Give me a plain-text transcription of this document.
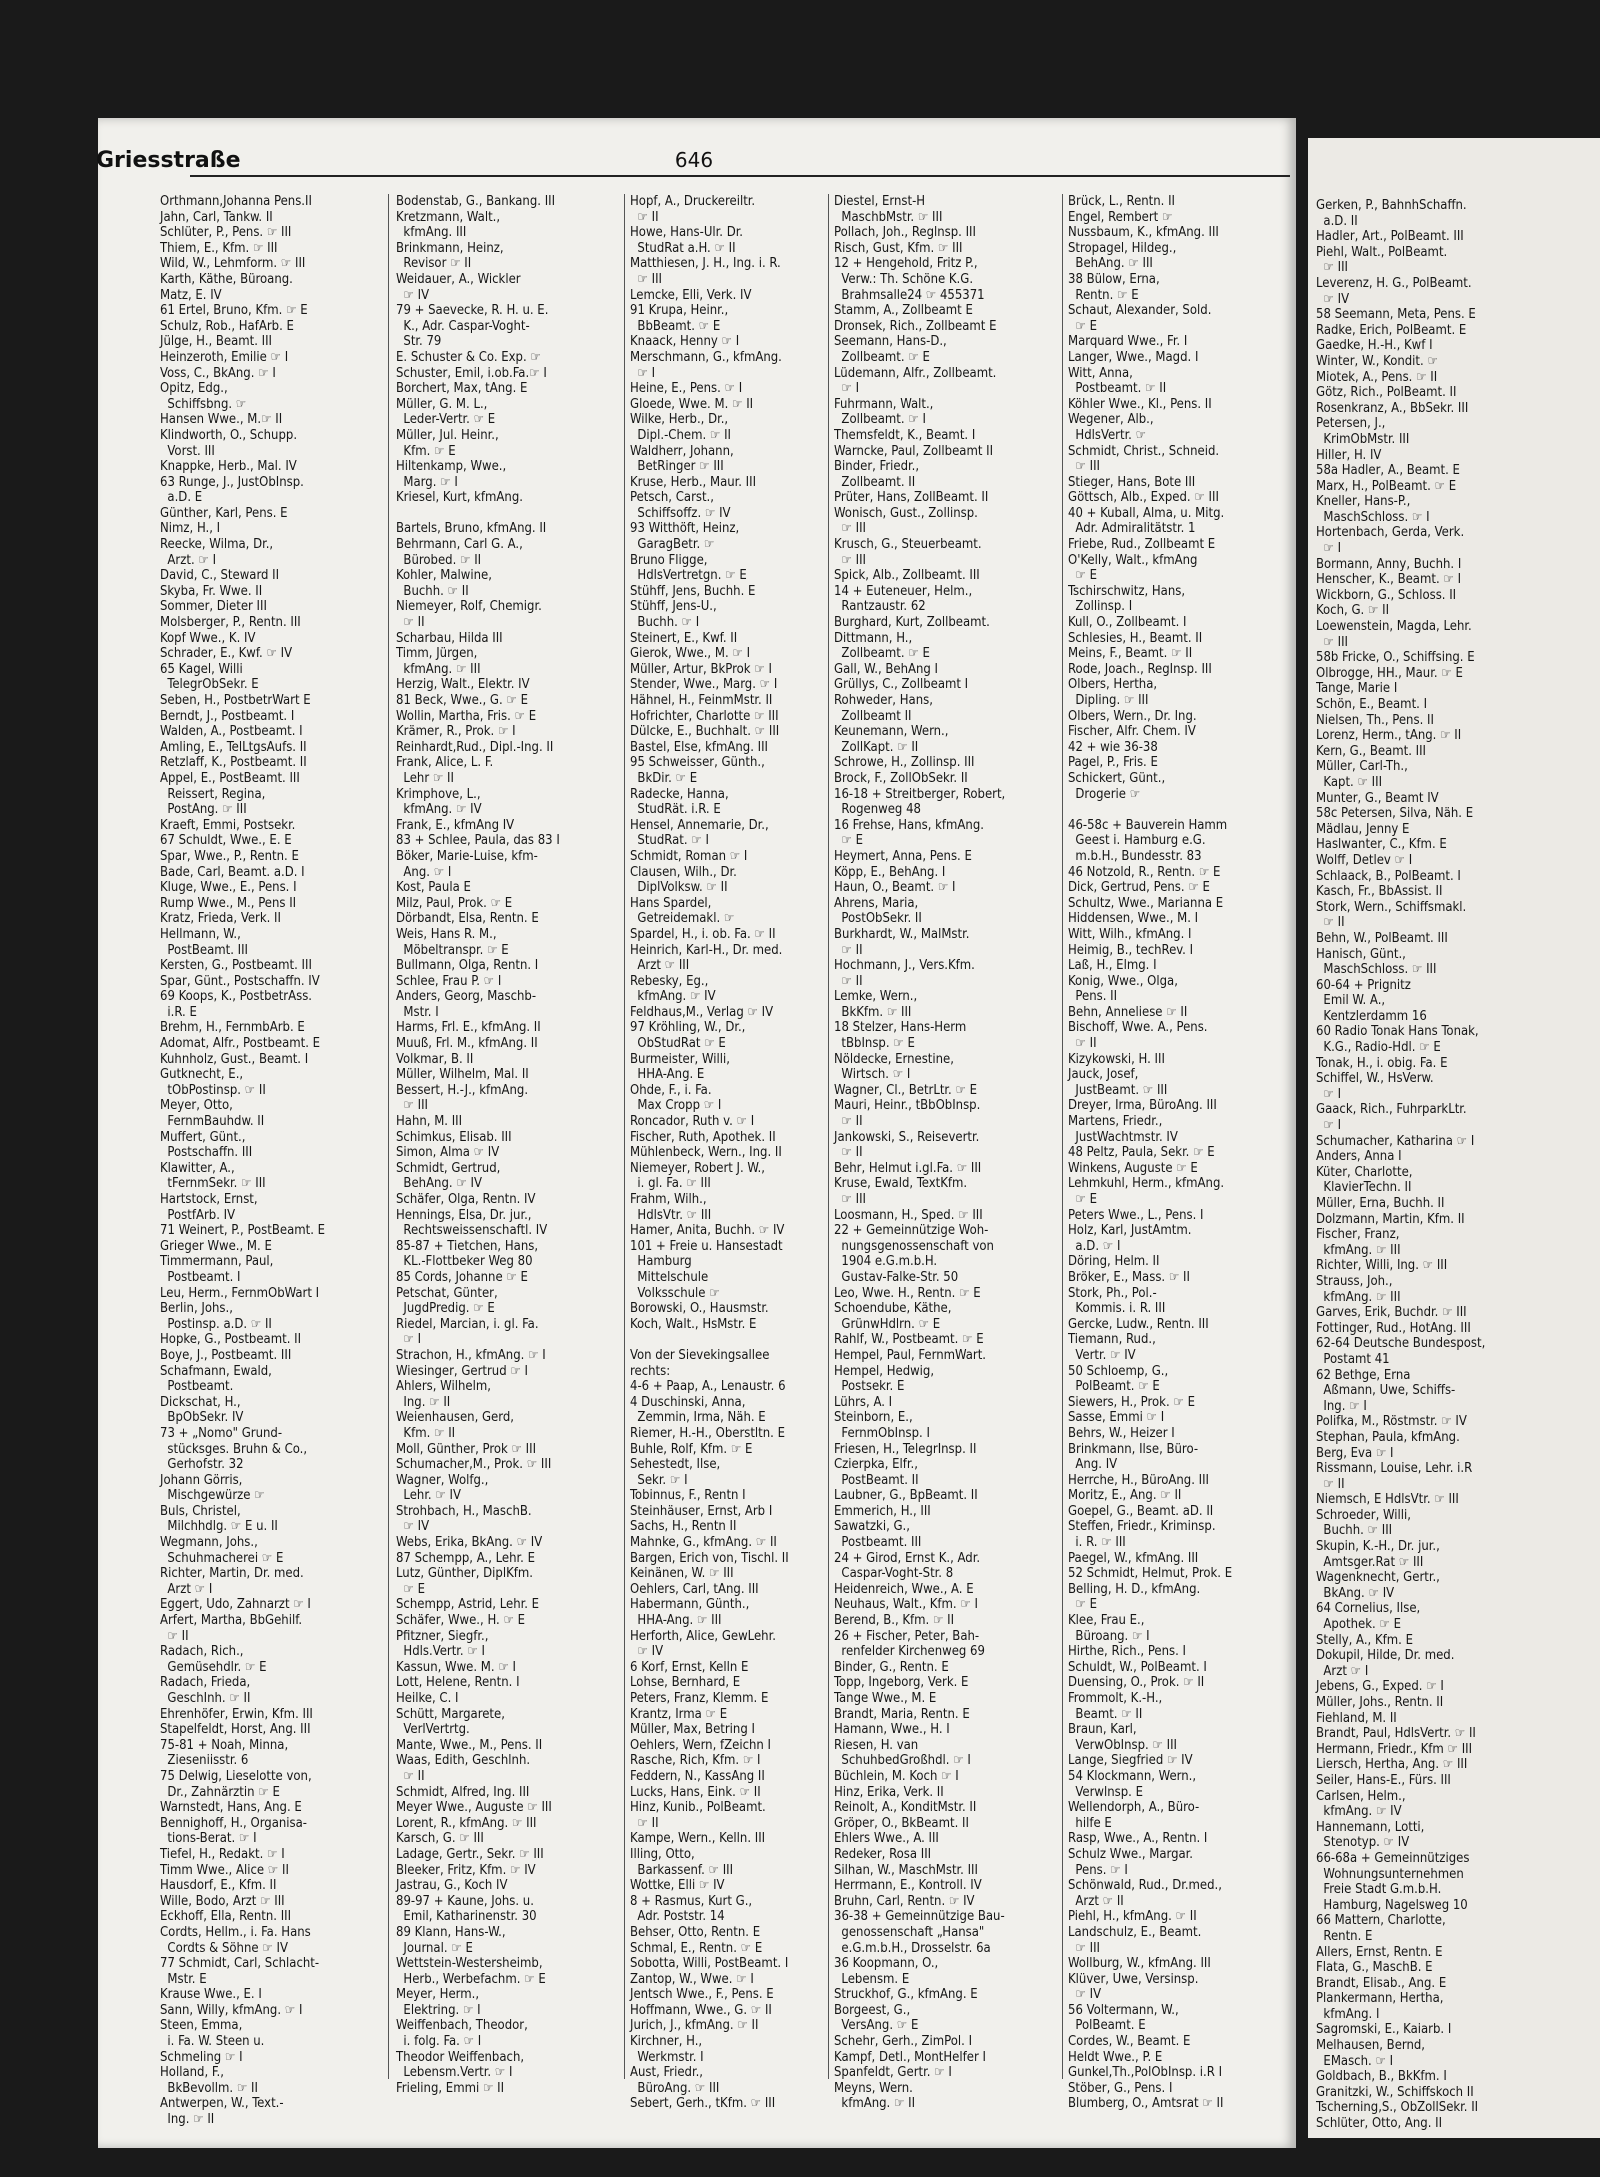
Gerken, P., BahnhSchaffn.
a.D. II
Hadler, Art., PolBeamt. III
Piehl, Walt., PolBeamt.
☞ III
Leverenz, H. G., PolBeamt.
☞ IV
58 Seemann, Meta, Pens. E
Radke, Erich, PolBeamt. E
Gaedke, H.-H., Kwf I
Winter, W., Kondit. ☞
Miotek, A., Pens. ☞ II
Götz, Rich., PolBeamt. II
Rosenkranz, A., BbSekr. III
Petersen, J.,
KrimObMstr. III
Hiller, H. IV
58a Hadler, A., Beamt. E
Marx, H., PolBeamt. ☞ E
Kneller, Hans-P.,
MaschSchloss. ☞ I
Hortenbach, Gerda, Verk.
☞ I
Bormann, Anny, Buchh. I
Henscher, K., Beamt. ☞ I
Wickborn, G., Schloss. II
Koch, G. ☞ II
Loewenstein, Magda, Lehr.
☞ III
58b Fricke, O., Schiffsing. E
Olbrogge, HH., Maur. ☞ E
Tange, Marie I
Schön, E., Beamt. I
Nielsen, Th., Pens. II
Lorenz, Herm., tAng. ☞ II
Kern, G., Beamt. III
Müller, Carl-Th.,
Kapt. ☞ III
Munter, G., Beamt IV
58c Petersen, Silva, Näh. E
Mädlau, Jenny E
Haslwanter, C., Kfm. E
Wolff, Detlev ☞ I
Schlaack, B., PolBeamt. I
Kasch, Fr., BbAssist. II
Stork, Wern., Schiffsmakl.
☞ II
Behn, W., PolBeamt. III
Hanisch, Günt.,
MaschSchloss. ☞ III
60-64 + Prignitz
Emil W. A.,
Kentzlerdamm 16
60 Radio Tonak Hans Tonak,
K.G., Radio-Hdl. ☞ E
Tonak, H., i. obig. Fa. E
Schiffel, W., HsVerw.
☞ I
Gaack, Rich., FuhrparkLtr.
☞ I
Schumacher, Katharina ☞ I
Anders, Anna I
Küter, Charlotte,
KlavierTechn. II
Müller, Erna, Buchh. II
Dolzmann, Martin, Kfm. II
Fischer, Franz,
kfmAng. ☞ III
Richter, Willi, Ing. ☞ III
Strauss, Joh.,
kfmAng. ☞ III
Garves, Erik, Buchdr. ☞ III
Fottinger, Rud., HotAng. III
62-64 Deutsche Bundespost,
Postamt 41
62 Bethge, Erna
Aßmann, Uwe, Schiffs-
Ing. ☞ I
Polifka, M., Röstmstr. ☞ IV
Stephan, Paula, kfmAng.
Berg, Eva ☞ I
Rissmann, Louise, Lehr. i.R
☞ II
Niemsch, E HdlsVtr. ☞ III
Schroeder, Willi,
Buchh. ☞ III
Skupin, K.-H., Dr. jur.,
Amtsger.Rat ☞ III
Wagenknecht, Gertr.,
BkAng. ☞ IV
64 Cornelius, Ilse,
Apothek. ☞ E
Stelly, A., Kfm. E
Dokupil, Hilde, Dr. med.
Arzt ☞ I
Jebens, G., Exped. ☞ I
Müller, Johs., Rentn. II
Fiehland, M. II
Brandt, Paul, HdlsVertr. ☞ II
Hermann, Friedr., Kfm ☞ III
Liersch, Hertha, Ang. ☞ III
Seiler, Hans-E., Fürs. III
Carlsen, Helm.,
kfmAng. ☞ IV
Hannemann, Lotti,
Stenotyp. ☞ IV
66-68a + Gemeinnütziges
Wohnungsunternehmen
Freie Stadt G.m.b.H.
Hamburg, Nagelsweg 10
66 Mattern, Charlotte,
Rentn. E
Allers, Ernst, Rentn. E
Flata, G., MaschB. E
Brandt, Elisab., Ang. E
Plankermann, Hertha,
kfmAng. I
Sagromski, E., Kaiarb. I
Melhausen, Bernd,
EMasch. ☞ I
Goldbach, B., BkKfm. I
Granitzki, W., Schiffskoch II
Tscherning,S., ObZollSekr. II
Schlüter, Otto, Ang. II
Griesstraße	646
Orthmann,Johanna Pens.II
Jahn, Carl, Tankw. II
Schlüter, P., Pens. ☞ III
Thiem, E., Kfm. ☞ III
Wild, W., Lehmform. ☞ III
Karth, Käthe, Büroang.
Matz, E. IV
61 Ertel, Bruno, Kfm. ☞ E
Schulz, Rob., HafArb. E
Jülge, H., Beamt. III
Heinzeroth, Emilie ☞ I
Voss, C., BkAng. ☞ I
Opitz, Edg.,
Schiffsbng. ☞
Hansen Wwe., M.☞ II
Klindworth, O., Schupp.
Vorst. III
Knappke, Herb., Mal. IV
63 Runge, J., JustObInsp.
a.D. E
Günther, Karl, Pens. E
Nimz, H., I
Reecke, Wilma, Dr.,
Arzt. ☞ I
David, C., Steward II
Skyba, Fr. Wwe. II
Sommer, Dieter III
Molsberger, P., Rentn. III
Kopf Wwe., K. IV
Schrader, E., Kwf. ☞ IV
65 Kagel, Willi
TelegrObSekr. E
Seben, H., PostbetrWart E
Berndt, J., Postbeamt. I
Walden, A., Postbeamt. I
Amling, E., TelLtgsAufs. II
Retzlaff, K., Postbeamt. II
Appel, E., PostBeamt. III
Reissert, Regina,
PostAng. ☞ III
Kraeft, Emmi, Postsekr.
67 Schuldt, Wwe., E. E
Spar, Wwe., P., Rentn. E
Bade, Carl, Beamt. a.D. I
Kluge, Wwe., E., Pens. I
Rump Wwe., M., Pens II
Kratz, Frieda, Verk. II
Hellmann, W.,
PostBeamt. III
Kersten, G., Postbeamt. III
Spar, Günt., Postschaffn. IV
69 Koops, K., PostbetrAss.
i.R. E
Brehm, H., FernmbArb. E
Adomat, Alfr., Postbeamt. E
Kuhnholz, Gust., Beamt. I
Gutknecht, E.,
tObPostinsp. ☞ II
Meyer, Otto,
FernmBauhdw. II
Muffert, Günt.,
Postschaffn. III
Klawitter, A.,
tFernmSekr. ☞ III
Hartstock, Ernst,
PostfArb. IV
71 Weinert, P., PostBeamt. E
Grieger Wwe., M. E
Timmermann, Paul,
Postbeamt. I
Leu, Herm., FernmObWart I
Berlin, Johs.,
Postinsp. a.D. ☞ II
Hopke, G., Postbeamt. II
Boye, J., Postbeamt. III
Schafmann, Ewald,
Postbeamt.
Dickschat, H.,
BpObSekr. IV
73 + „Nomo" Grund-
stücksges. Bruhn & Co.,
Gerhofstr. 32
Johann Görris,
Mischgewürze ☞
Buls, Christel,
Milchhdlg. ☞ E u. II
Wegmann, Johs.,
Schuhmacherei ☞ E
Richter, Martin, Dr. med.
Arzt ☞ I
Eggert, Udo, Zahnarzt ☞ I
Arfert, Martha, BbGehilf.
☞ II
Radach, Rich.,
Gemüsehdlr. ☞ E
Radach, Frieda,
GeschInh. ☞ II
Ehrenhöfer, Erwin, Kfm. III
Stapelfeldt, Horst, Ang. III
75-81 + Noah, Minna,
Zieseniisstr. 6
75 Delwig, Lieselotte von,
Dr., Zahnärztin ☞ E
Warnstedt, Hans, Ang. E
Bennighoff, H., Organisa-
tions-Berat. ☞ I
Tiefel, H., Redakt. ☞ I
Timm Wwe., Alice ☞ II
Hausdorf, E., Kfm. II
Wille, Bodo, Arzt ☞ III
Eckhoff, Ella, Rentn. III
Cordts, Hellm., i. Fa. Hans
Cordts & Söhne ☞ IV
77 Schmidt, Carl, Schlacht-
Mstr. E
Krause Wwe., E. I
Sann, Willy, kfmAng. ☞ I
Steen, Emma,
i. Fa. W. Steen u.
Schmeling ☞ I
Holland, F.,
BkBevollm. ☞ II
Antwerpen, W., Text.-
Ing. ☞ II
Bodenstab, G., Bankang. III
Kretzmann, Walt.,
kfmAng. III
Brinkmann, Heinz,
Revisor ☞ II
Weidauer, A., Wickler
☞ IV
79 + Saevecke, R. H. u. E.
K., Adr. Caspar-Voght-
Str. 79
E. Schuster & Co. Exp. ☞
Schuster, Emil, i.ob.Fa.☞ I
Borchert, Max, tAng. E
Müller, G. M. L.,
Leder-Vertr. ☞ E
Müller, Jul. Heinr.,
Kfm. ☞ E
Hiltenkamp, Wwe.,
Marg. ☞ I
Kriesel, Kurt, kfmAng.

Bartels, Bruno, kfmAng. II
Behrmann, Carl G. A.,
Bürobed. ☞ II
Kohler, Malwine,
Buchh. ☞ II
Niemeyer, Rolf, Chemigr.
☞ II
Scharbau, Hilda III
Timm, Jürgen,
kfmAng. ☞ III
Herzig, Walt., Elektr. IV
81 Beck, Wwe., G. ☞ E
Wollin, Martha, Fris. ☞ E
Krämer, R., Prok. ☞ I
Reinhardt,Rud., Dipl.-Ing. II
Frank, Alice, L. F.
Lehr ☞ II
Krimphove, L.,
kfmAng. ☞ IV
Frank, E., kfmAng IV
83 + Schlee, Paula, das 83 I
Böker, Marie-Luise, kfm-
Ang. ☞ I
Kost, Paula E
Milz, Paul, Prok. ☞ E
Dörbandt, Elsa, Rentn. E
Weis, Hans R. M.,
Möbeltranspr. ☞ E
Bullmann, Olga, Rentn. I
Schlee, Frau P. ☞ I
Anders, Georg, Maschb-
Mstr. I
Harms, Frl. E., kfmAng. II
Muuß, Frl. M., kfmAng. II
Volkmar, B. II
Müller, Wilhelm, Mal. II
Bessert, H.-J., kfmAng.
☞ III
Hahn, M. III
Schimkus, Elisab. III
Simon, Alma ☞ IV
Schmidt, Gertrud,
BehAng. ☞ IV
Schäfer, Olga, Rentn. IV
Hennings, Elsa, Dr. jur.,
Rechtsweissenschaftl. IV
85-87 + Tietchen, Hans,
KL.-Flottbeker Weg 80
85 Cords, Johanne ☞ E
Petschat, Günter,
JugdPredig. ☞ E
Riedel, Marcian, i. gl. Fa.
☞ I
Strachon, H., kfmAng. ☞ I
Wiesinger, Gertrud ☞ I
Ahlers, Wilhelm,
Ing. ☞ II
Weienhausen, Gerd,
Kfm. ☞ II
Moll, Günther, Prok ☞ III
Schumacher,M., Prok. ☞ III
Wagner, Wolfg.,
Lehr. ☞ IV
Strohbach, H., MaschB.
☞ IV
Webs, Erika, BkAng. ☞ IV
87 Schempp, A., Lehr. E
Lutz, Günther, DiplKfm.
☞ E
Schempp, Astrid, Lehr. E
Schäfer, Wwe., H. ☞ E
Pfitzner, Siegfr.,
Hdls.Vertr. ☞ I
Kassun, Wwe. M. ☞ I
Lott, Helene, Rentn. I
Heilke, C. I
Schütt, Margarete,
VerlVertrtg.
Mante, Wwe., M., Pens. II
Waas, Edith, Geschlnh.
☞ II
Schmidt, Alfred, Ing. III
Meyer Wwe., Auguste ☞ III
Lorent, R., kfmAng. ☞ III
Karsch, G. ☞ III
Ladage, Gertr., Sekr. ☞ III
Bleeker, Fritz, Kfm. ☞ IV
Jastrau, G., Koch IV
89-97 + Kaune, Johs. u.
Emil, Katharinenstr. 30
89 Klann, Hans-W.,
Journal. ☞ E
Wettstein-Westersheimb,
Herb., Werbefachm. ☞ E
Meyer, Herm.,
Elektring. ☞ I
Weiffenbach, Theodor,
i. folg. Fa. ☞ I
Theodor Weiffenbach,
Lebensm.Vertr. ☞ I
Frieling, Emmi ☞ II
Hopf, A., Druckereiltr.
☞ II
Howe, Hans-Ulr. Dr.
StudRat a.H. ☞ II
Matthiesen, J. H., Ing. i. R.
☞ III
Lemcke, Elli, Verk. IV
91 Krupa, Heinr.,
BbBeamt. ☞ E
Knaack, Henny ☞ I
Merschmann, G., kfmAng.
☞ I
Heine, E., Pens. ☞ I
Gloede, Wwe. M. ☞ II
Wilke, Herb., Dr.,
Dipl.-Chem. ☞ II
Waldherr, Johann,
BetRinger ☞ III
Kruse, Herb., Maur. III
Petsch, Carst.,
Schiffsoffz. ☞ IV
93 Witthöft, Heinz,
GaragBetr. ☞
Bruno Fligge,
HdlsVertretgn. ☞ E
Stühff, Jens, Buchh. E
Stühff, Jens-U.,
Buchh. ☞ I
Steinert, E., Kwf. II
Gierok, Wwe., M. ☞ I
Müller, Artur, BkProk ☞ I
Stender, Wwe., Marg. ☞ I
Hähnel, H., FeinmMstr. II
Hofrichter, Charlotte ☞ III
Dülcke, E., Buchhalt. ☞ III
Bastel, Else, kfmAng. III
95 Schweisser, Günth.,
BkDir. ☞ E
Radecke, Hanna,
StudRät. i.R. E
Hensel, Annemarie, Dr.,
StudRat. ☞ I
Schmidt, Roman ☞ I
Clausen, Wilh., Dr.
DiplVolksw. ☞ II
Hans Spardel,
Getreidemakl. ☞
Spardel, H., i. ob. Fa. ☞ II
Heinrich, Karl-H., Dr. med.
Arzt ☞ III
Rebesky, Eg.,
kfmAng. ☞ IV
Feldhaus,M., Verlag ☞ IV
97 Kröhling, W., Dr.,
ObStudRat ☞ E
Burmeister, Willi,
HHA-Ang. E
Ohde, F., i. Fa.
Max Cropp ☞ I
Roncador, Ruth v. ☞ I
Fischer, Ruth, Apothek. II
Mühlenbeck, Wern., Ing. II
Niemeyer, Robert J. W.,
i. gl. Fa. ☞ III
Frahm, Wilh.,
HdlsVtr. ☞ III
Hamer, Anita, Buchh. ☞ IV
101 + Freie u. Hansestadt
Hamburg
Mittelschule
Volksschule ☞
Borowski, O., Hausmstr.
Koch, Walt., HsMstr. E

Von der Sievekingsallee
rechts:
4-6 + Paap, A., Lenaustr. 6
4 Duschinski, Anna,
Zemmin, Irma, Näh. E
Riemer, H.-H., Oberstltn. E
Buhle, Rolf, Kfm. ☞ E
Sehestedt, Ilse,
Sekr. ☞ I
Tobinnus, F., Rentn I
Steinhäuser, Ernst, Arb I
Sachs, H., Rentn II
Mahnke, G., kfmAng. ☞ II
Bargen, Erich von, Tischl. II
Keinänen, W. ☞ III
Oehlers, Carl, tAng. III
Habermann, Günth.,
HHA-Ang. ☞ III
Herforth, Alice, GewLehr.
☞ IV
6 Korf, Ernst, Kelln E
Lohse, Bernhard, E
Peters, Franz, Klemm. E
Krantz, Irma ☞ E
Müller, Max, Betring I
Oehlers, Wern, fZeichn I
Rasche, Rich, Kfm. ☞ I
Feddern, N., KassAng II
Lucks, Hans, Eink. ☞ II
Hinz, Kunib., PolBeamt.
☞ II
Kampe, Wern., Kelln. III
Illing, Otto,
Barkassenf. ☞ III
Wottke, Elli ☞ IV
8 + Rasmus, Kurt G.,
Adr. Poststr. 14
Behser, Otto, Rentn. E
Schmal, E., Rentn. ☞ E
Sobotta, Willi, PostBeamt. I
Zantop, W., Wwe. ☞ I
Jentsch Wwe., F., Pens. E
Hoffmann, Wwe., G. ☞ II
Jurich, J., kfmAng. ☞ II
Kirchner, H.,
Werkmstr. I
Aust, Friedr.,
BüroAng. ☞ III
Sebert, Gerh., tKfm. ☞ III
Diestel, Ernst-H
MaschbMstr. ☞ III
Pollach, Joh., Reglnsp. III
Risch, Gust, Kfm. ☞ III
12 + Hengehold, Fritz P.,
Verw.: Th. Schöne K.G.
Brahmsalle24 ☞ 455371
Stamm, A., Zollbeamt E
Dronsek, Rich., Zollbeamt E
Seemann, Hans-D.,
Zollbeamt. ☞ E
Lüdemann, Alfr., Zollbeamt.
☞ I
Fuhrmann, Walt.,
Zollbeamt. ☞ I
Themsfeldt, K., Beamt. I
Warncke, Paul, Zollbeamt II
Binder, Friedr.,
Zollbeamt. II
Prüter, Hans, ZollBeamt. II
Wonisch, Gust., Zollinsp.
☞ III
Krusch, G., Steuerbeamt.
☞ III
Spick, Alb., Zollbeamt. III
14 + Euteneuer, Helm.,
Rantzaustr. 62
Burghard, Kurt, Zollbeamt.
Dittmann, H.,
Zollbeamt. ☞ E
Gall, W., BehAng I
Grüllys, C., Zollbeamt I
Rohweder, Hans,
Zollbeamt II
Keunemann, Wern.,
ZollKapt. ☞ II
Schrowe, H., Zollinsp. III
Brock, F., ZollObSekr. II
16-18 + Streitberger, Robert,
Rogenweg 48
16 Frehse, Hans, kfmAng.
☞ E
Heymert, Anna, Pens. E
Köpp, E., BehAng. I
Haun, O., Beamt. ☞ I
Ahrens, Maria,
PostObSekr. II
Burkhardt, W., MalMstr.
☞ II
Hochmann, J., Vers.Kfm.
☞ II
Lemke, Wern.,
BkKfm. ☞ III
18 Stelzer, Hans-Herm
tBbInsp. ☞ E
Nöldecke, Ernestine,
Wirtsch. ☞ I
Wagner, Cl., BetrLtr. ☞ E
Mauri, Heinr., tBbObInsp.
☞ II
Jankowski, S., Reisevertr.
☞ II
Behr, Helmut i.gl.Fa. ☞ III
Kruse, Ewald, TextKfm.
☞ III
Loosmann, H., Sped. ☞ III
22 + Gemeinnützige Woh-
nungsgenossenschaft von
1904 e.G.m.b.H.
Gustav-Falke-Str. 50
Leo, Wwe. H., Rentn. ☞ E
Schoendube, Käthe,
GrünwHdlrn. ☞ E
Rahlf, W., Postbeamt. ☞ E
Hempel, Paul, FernmWart.
Hempel, Hedwig,
Postsekr. E
Lührs, A. I
Steinborn, E.,
FernmObInsp. I
Friesen, H., TelegrInsp. II
Czierpka, Elfr.,
PostBeamt. II
Laubner, G., BpBeamt. II
Emmerich, H., III
Sawatzki, G.,
Postbeamt. III
24 + Girod, Ernst K., Adr.
Caspar-Voght-Str. 8
Heidenreich, Wwe., A. E
Neuhaus, Walt., Kfm. ☞ I
Berend, B., Kfm. ☞ II
26 + Fischer, Peter, Bah-
renfelder Kirchenweg 69
Binder, G., Rentn. E
Topp, Ingeborg, Verk. E
Tange Wwe., M. E
Brandt, Maria, Rentn. E
Hamann, Wwe., H. I
Riesen, H. van
SchuhbedGroßhdl. ☞ I
Büchlein, M. Koch ☞ I
Hinz, Erika, Verk. II
Reinolt, A., KonditMstr. II
Gröper, O., BkBeamt. II
Ehlers Wwe., A. III
Redeker, Rosa III
Silhan, W., MaschMstr. III
Herrmann, E., Kontroll. IV
Bruhn, Carl, Rentn. ☞ IV
36-38 + Gemeinnützige Bau-
genossenschaft „Hansa"
e.G.m.b.H., Drosselstr. 6a
36 Koopmann, O.,
Lebensm. E
Struckhof, G., kfmAng. E
Borgeest, G.,
VersAng. ☞ E
Schehr, Gerh., ZimPol. I
Kampf, Detl., MontHelfer I
Spanfeldt, Gertr. ☞ I
Meyns, Wern.
kfmAng. ☞ II
Brück, L., Rentn. II
Engel, Rembert ☞
Nussbaum, K., kfmAng. III
Stropagel, Hildeg.,
BehAng. ☞ III
38 Bülow, Erna,
Rentn. ☞ E
Schaut, Alexander, Sold.
☞ E
Marquard Wwe., Fr. I
Langer, Wwe., Magd. I
Witt, Anna,
Postbeamt. ☞ II
Köhler Wwe., Kl., Pens. II
Wegener, Alb.,
HdlsVertr. ☞
Schmidt, Christ., Schneid.
☞ III
Stieger, Hans, Bote III
Göttsch, Alb., Exped. ☞ III
40 + Kuball, Alma, u. Mitg.
Adr. Admiralitätstr. 1
Friebe, Rud., Zollbeamt E
O'Kelly, Walt., kfmAng
☞ E
Tschirschwitz, Hans,
Zollinsp. I
Kull, O., Zollbeamt. I
Schlesies, H., Beamt. II
Meins, F., Beamt. ☞ II
Rode, Joach., RegInsp. III
Olbers, Hertha,
Dipling. ☞ III
Olbers, Wern., Dr. Ing.
Fischer, Alfr. Chem. IV
42 + wie 36-38
Pagel, P., Fris. E
Schickert, Günt.,
Drogerie ☞

46-58c + Bauverein Hamm
Geest i. Hamburg e.G.
m.b.H., Bundesstr. 83
46 Notzold, R., Rentn. ☞ E
Dick, Gertrud, Pens. ☞ E
Schultz, Wwe., Marianna E
Hiddensen, Wwe., M. I
Witt, Wilh., kfmAng. I
Heimig, B., techRev. I
Laß, H., Elmg. I
Konig, Wwe., Olga,
Pens. II
Behn, Anneliese ☞ II
Bischoff, Wwe. A., Pens.
☞ II
Kizykowski, H. III
Jauck, Josef,
JustBeamt. ☞ III
Dreyer, Irma, BüroAng. III
Martens, Friedr.,
JustWachtmstr. IV
48 Peltz, Paula, Sekr. ☞ E
Winkens, Auguste ☞ E
Lehmkuhl, Herm., kfmAng.
☞ E
Peters Wwe., L., Pens. I
Holz, Karl, JustAmtm.
a.D. ☞ I
Döring, Helm. II
Bröker, E., Mass. ☞ II
Stork, Ph., Pol.-
Kommis. i. R. III
Gercke, Ludw., Rentn. III
Tiemann, Rud.,
Vertr. ☞ IV
50 Schloemp, G.,
PolBeamt. ☞ E
Siewers, H., Prok. ☞ E
Sasse, Emmi ☞ I
Behrs, W., Heizer I
Brinkmann, Ilse, Büro-
Ang. IV
Herrche, H., BüroAng. III
Moritz, E., Ang. ☞ II
Goepel, G., Beamt. aD. II
Steffen, Friedr., Kriminsp.
i. R. ☞ III
Paegel, W., kfmAng. III
52 Schmidt, Helmut, Prok. E
Belling, H. D., kfmAng.
☞ E
Klee, Frau E.,
Büroang. ☞ I
Hirthe, Rich., Pens. I
Schuldt, W., PolBeamt. I
Duensing, O., Prok. ☞ II
Frommolt, K.-H.,
Beamt. ☞ II
Braun, Karl,
VerwObInsp. ☞ III
Lange, Siegfried ☞ IV
54 Klockmann, Wern.,
Verwlnsp. E
Wellendorph, A., Büro-
hilfe E
Rasp, Wwe., A., Rentn. I
Schulz Wwe., Margar.
Pens. ☞ I
Schönwald, Rud., Dr.med.,
Arzt ☞ II
Piehl, H., kfmAng. ☞ II
Landschulz, E., Beamt.
☞ III
Wollburg, W., kfmAng. III
Klüver, Uwe, Versinsp.
☞ IV
56 Voltermann, W.,
PolBeamt. E
Cordes, W., Beamt. E
Heldt Wwe., P. E
Gunkel,Th.,PolObInsp. i.R I
Stöber, G., Pens. I
Blumberg, O., Amtsrat ☞ II
